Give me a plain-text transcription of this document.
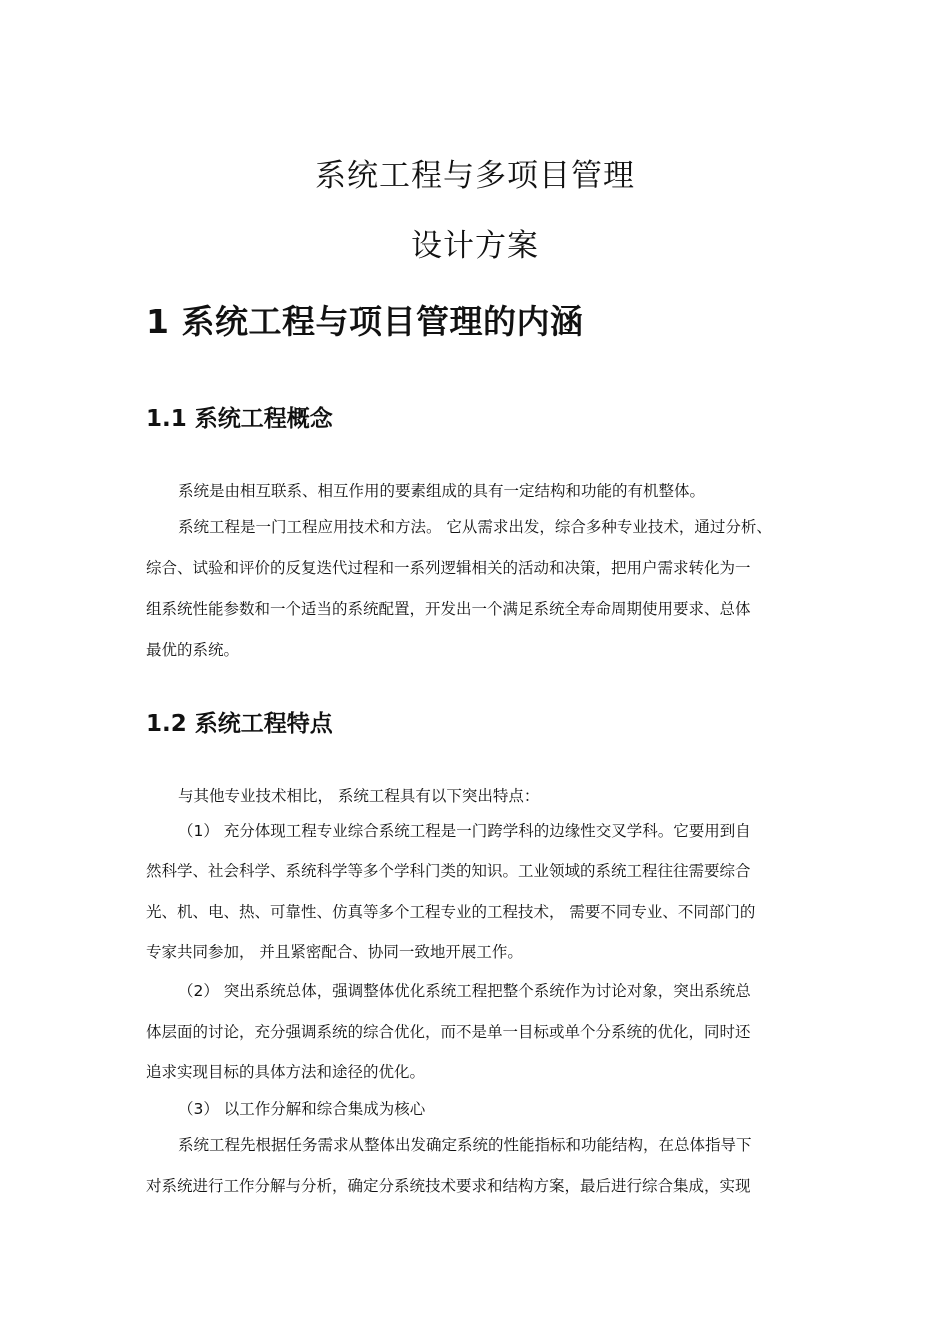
系统工程与多项目管理
设计方案
1 系统工程与项目管理的内涵
1.1 系统工程概念

系统是由相互联系、相互作用的要素组成的具有一定结构和功能的有机整体。

系统工程是一门工程应用技术和方法。 它从需求出发，综合多种专业技术，通过分析、

综合、试验和评价的反复迭代过程和一系列逻辑相关的活动和决策，把用户需求转化为一

组系统性能参数和一个适当的系统配置，开发出一个满足系统全寿命周期使用要求、总体

最优的系统。

1.2 系统工程特点

与其他专业技术相比， 系统工程具有以下突出特点：

（1） 充分体现工程专业综合系统工程是一门跨学科的边缘性交叉学科。它要用到自

然科学、社会科学、系统科学等多个学科门类的知识。工业领域的系统工程往往需要综合

光、机、电、热、可靠性、仿真等多个工程专业的工程技术， 需要不同专业、不同部门的

专家共同参加， 并且紧密配合、协同一致地开展工作。

（2） 突出系统总体，强调整体优化系统工程把整个系统作为讨论对象，突出系统总

体层面的讨论，充分强调系统的综合优化，而不是单一目标或单个分系统的优化，同时还

追求实现目标的具体方法和途径的优化。

（3） 以工作分解和综合集成为核心

系统工程先根据任务需求从整体出发确定系统的性能指标和功能结构，在总体指导下

对系统进行工作分解与分析，确定分系统技术要求和结构方案，最后进行综合集成，实现
